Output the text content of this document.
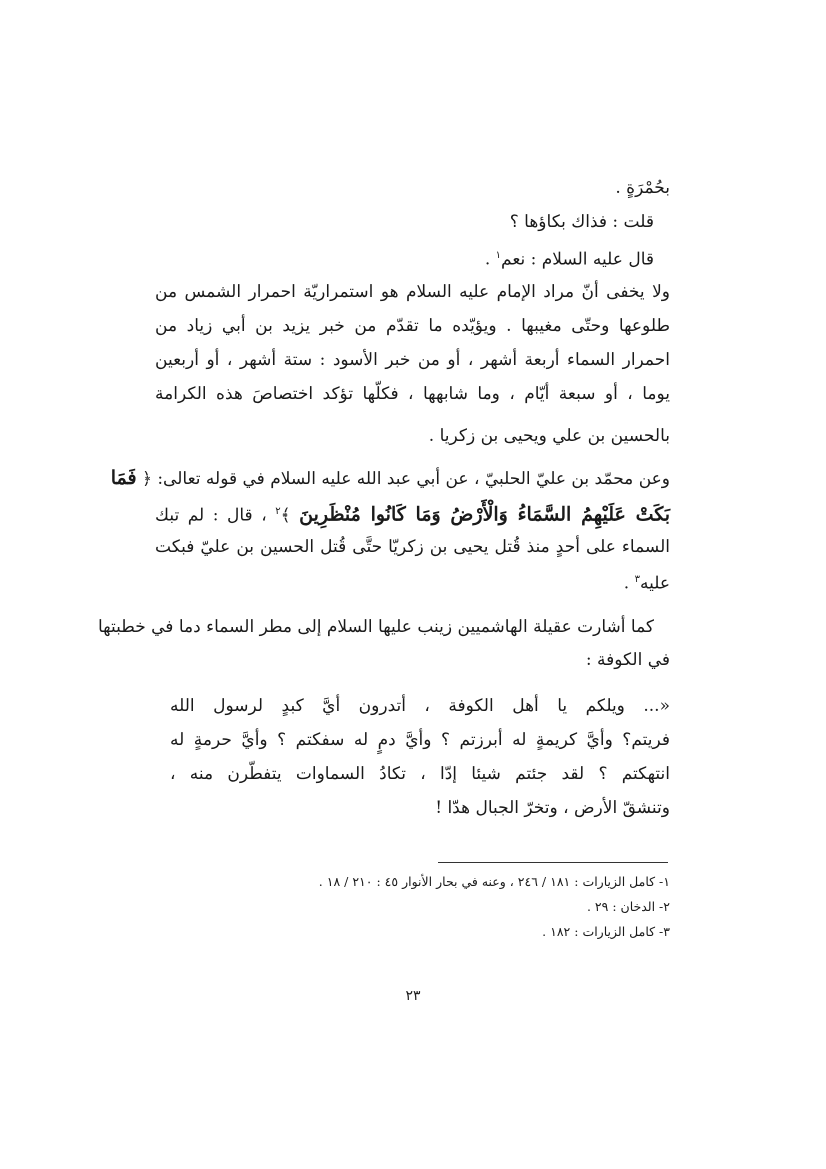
بحُمْرَةٍ .
قلت : فذاك بكاؤها ؟
قال عليه السلام : نعم$^١$ .
ولا يخفى أنّ مراد الإمام عليه السلام هو استمراريّة احمرار الشمس من
طلوعها وحتّى مغيبها . ويؤيّده ما تقدّم من خبر يزيد بن أبي زياد من
احمرار السماء أربعة أشهر ، أو من خبر الأسود : ستة أشهر ، أو أربعين
يوما ، أو سبعة أيّام ، وما شابهها ، فكلّها تؤكد اختصاصَ هذه الكرامة
بالحسين بن علي ويحيى بن زكريا .
وعن محمّد بن عليّ الحلبيّ ، عن أبي عبد الله عليه السلام في قوله تعالى: ﴿ فَمَا
بَكَتْ عَلَيْهِمُ السَّمَاءُ وَالْأَرْضُ وَمَا كَانُوا مُنْظَرِينَ ﴾$^٢$ ، قال : لم تبك
السماء على أحدٍ منذ قُتل يحيى بن زكريّا حتَّى قُتل الحسين بن عليّ فبكت
عليه$^٣$ .
كما أشارت عقيلة الهاشميين زينب عليها السلام إلى مطر السماء دما في خطبتها
في الكوفة :
«... ويلكم يا أهل الكوفة ، أتدرون أيَّ كبدٍ لرسول الله
فريتم؟ وأيَّ كريمةٍ له أبرزتم ؟ وأيَّ دمٍ له سفكتم ؟ وأيَّ حرمةٍ له
انتهكتم ؟ لقد جئتم شيئا إدّا ، تكادُ السماوات يتفطّرن منه ،
وتنشقّ الأرض ، وتخرّ الجبال هدّا !
١- كامل الزيارات : ١٨١ / ٢٤٦ ، وعنه في بحار الأنوار ٤٥ : ٢١٠ / ١٨ .
٢- الدخان : ٢٩ .
٣- كامل الزيارات : ١٨٢ .
٢٣
